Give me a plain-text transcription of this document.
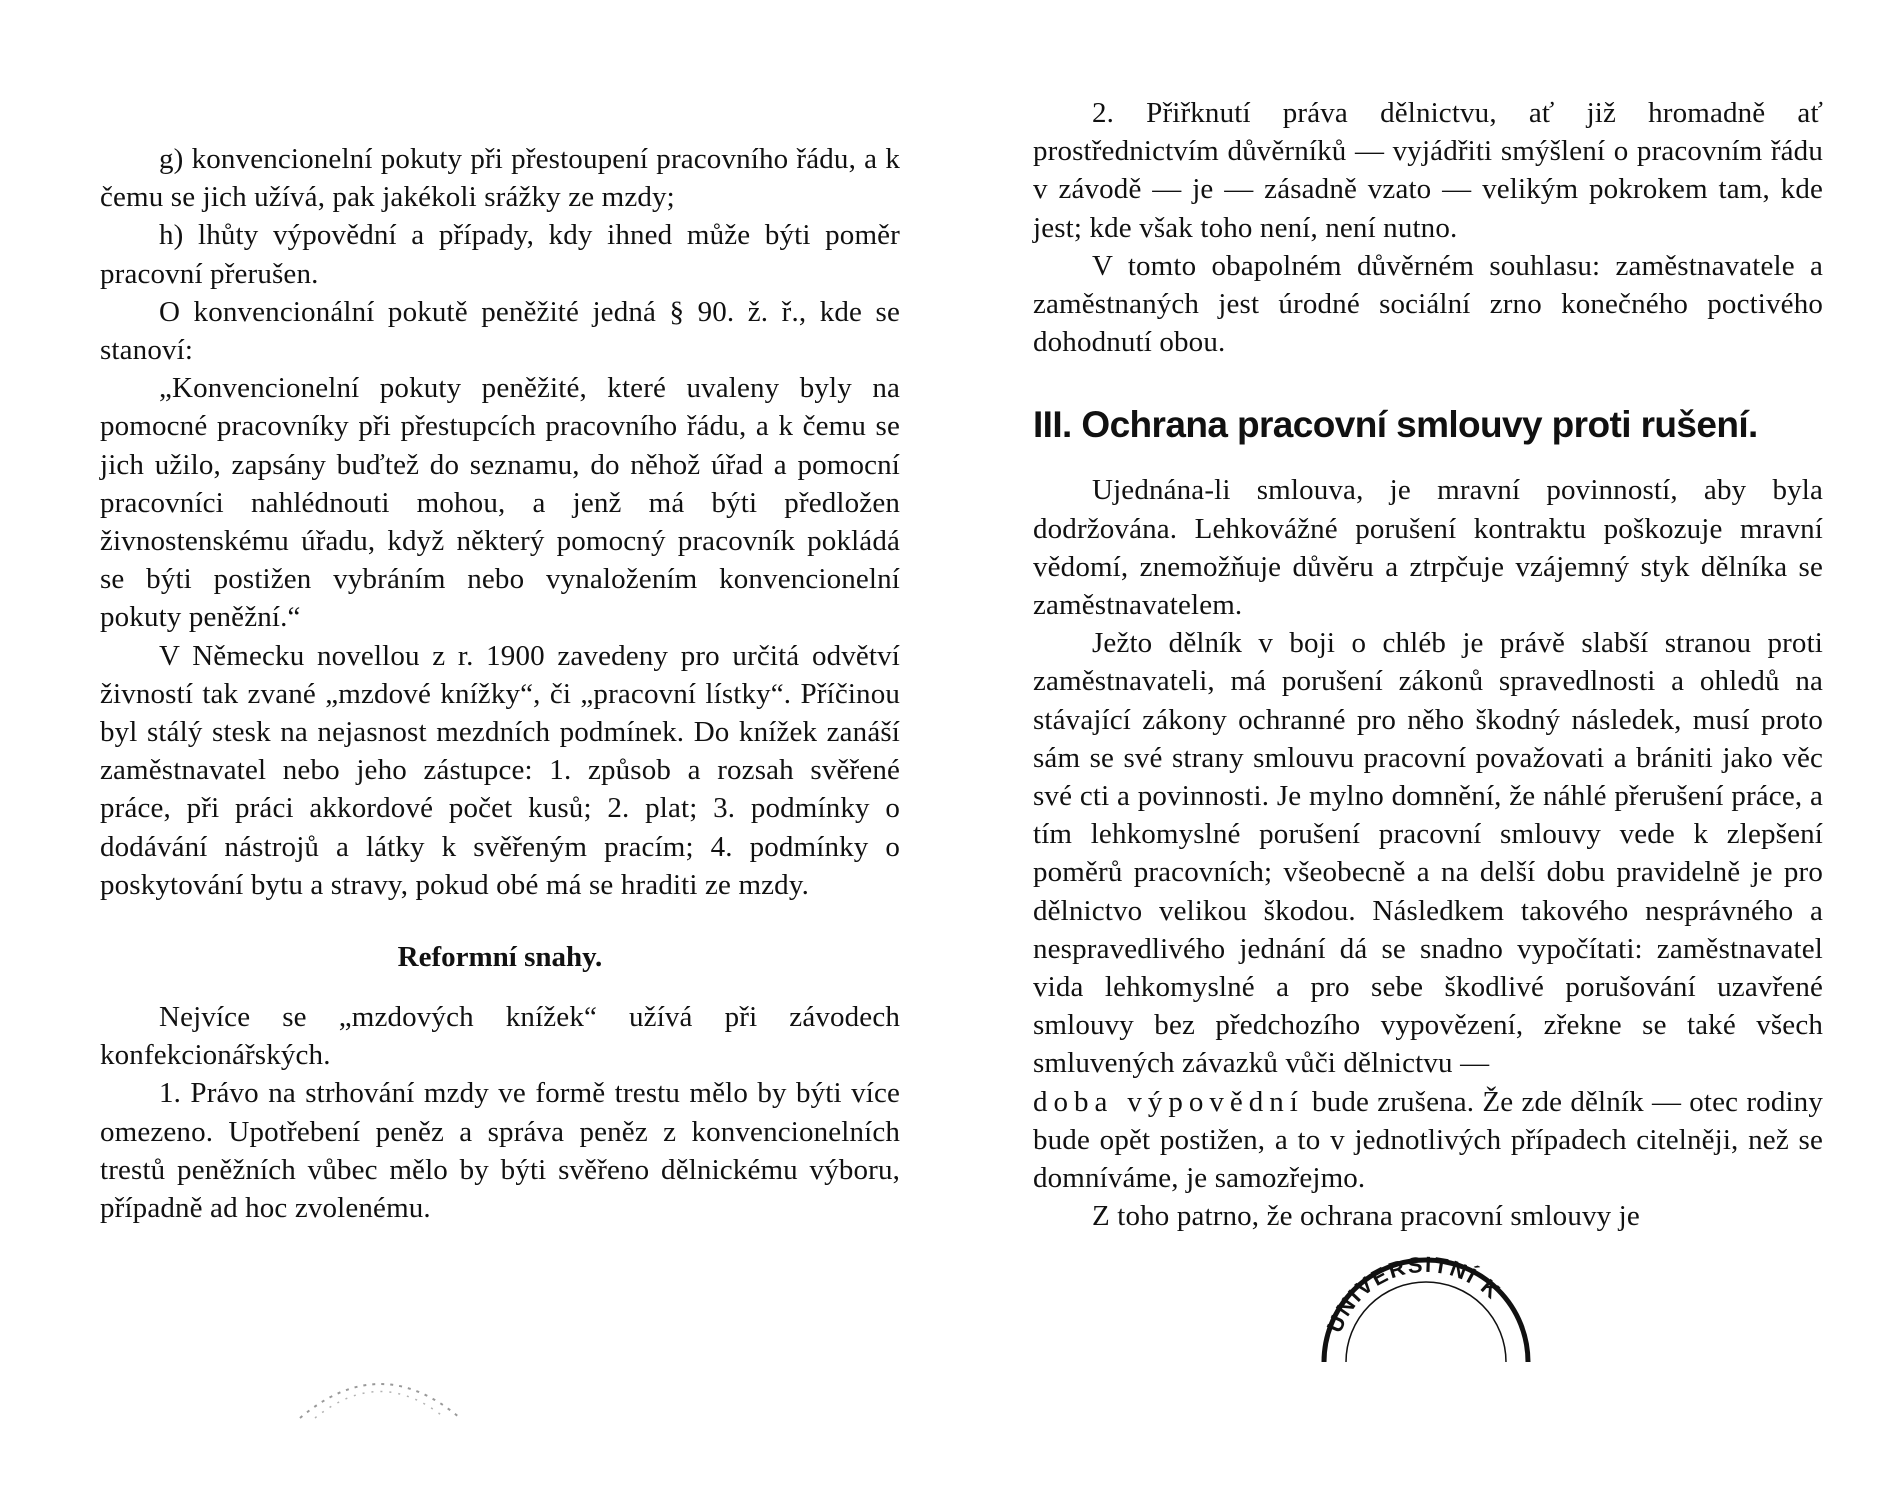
g) konvencionelní pokuty při přestoupení pracovního řádu, a k čemu se jich užívá, pak jakékoli srážky ze mzdy;

h) lhůty výpovědní a případy, kdy ihned může býti poměr pracovní přerušen.

O konvencionální pokutě peněžité jedná § 90. ž. ř., kde se stanoví:

„Konvencionelní pokuty peněžité, které uvaleny byly na pomocné pracovníky při přestupcích pracovního řádu, a k čemu se jich užilo, zapsány buďtež do seznamu, do něhož úřad a pomocní pracovníci nahlédnouti mohou, a jenž má býti předložen živnostenskému úřadu, když některý pomocný pracovník pokládá se býti postižen vybráním nebo vynaložením konvencionelní pokuty peněžní.“

V Německu novellou z r. 1900 zavedeny pro určitá odvětví živností tak zvané „mzdové knížky“, či „pracovní lístky“. Příčinou byl stálý stesk na nejasnost mezdních podmínek. Do knížek zanáší zaměstnavatel nebo jeho zástupce: 1. způsob a rozsah svěřené práce, při práci akkordové počet kusů; 2. plat; 3. podmínky o dodávání nástrojů a látky k svěřeným pracím; 4. podmínky o poskytování bytu a stravy, pokud obé má se hraditi ze mzdy.

Reformní snahy.

Nejvíce se „mzdových knížek“ užívá při závodech konfekcionářských.

1. Právo na strhování mzdy ve formě trestu mělo by býti více omezeno. Upotřebení peněz a správa peněz z konvencionelních trestů peněžních vůbec mělo by býti svěřeno dělnickému výboru, případně ad hoc zvolenému.

2. Přiřknutí práva dělnictvu, ať již hromadně ať prostřednictvím důvěrníků — vyjádřiti smýšlení o pracovním řádu v závodě — je — zásadně vzato — velikým pokrokem tam, kde jest; kde však toho není, není nutno.

V tomto obapolném důvěrném souhlasu: zaměstnavatele a zaměstnaných jest úrodné sociální zrno konečného poctivého dohodnutí obou.

III. Ochrana pracovní smlouvy proti rušení.

Ujednána-li smlouva, je mravní povinností, aby byla dodržována. Lehkovážné porušení kontraktu poškozuje mravní vědomí, znemožňuje důvěru a ztrpčuje vzájemný styk dělníka se zaměstnavatelem.

Ježto dělník v boji o chléb je právě slabší stranou proti zaměstnavateli, má porušení zákonů spravedlnosti a ohledů na stávající zákony ochranné pro něho škodný následek, musí proto sám se své strany smlouvu pracovní považovati a brániti jako věc své cti a povinnosti. Je mylno domnění, že náhlé přerušení práce, a tím lehkomyslné porušení pracovní smlouvy vede k zlepšení poměrů pracovních; všeobecně a na delší dobu pravidelně je pro dělnictvo velikou škodou. Následkem takového nesprávného a nespravedlivého jednání dá se snadno vypočítati: zaměstnavatel vida lehkomyslné a pro sebe škodlivé porušování uzavřené smlouvy bez předchozího vypovězení, zřekne se také všech smluvených závazků vůči dělnictvu —

doba výpovědní bude zrušena. Že zde dělník — otec rodiny bude opět postižen, a to v jednotlivých případech citelněji, než se domníváme, je samozřejmo.

Z toho patrno, že ochrana pracovní smlouvy je

UNIVERSITNÍ K
